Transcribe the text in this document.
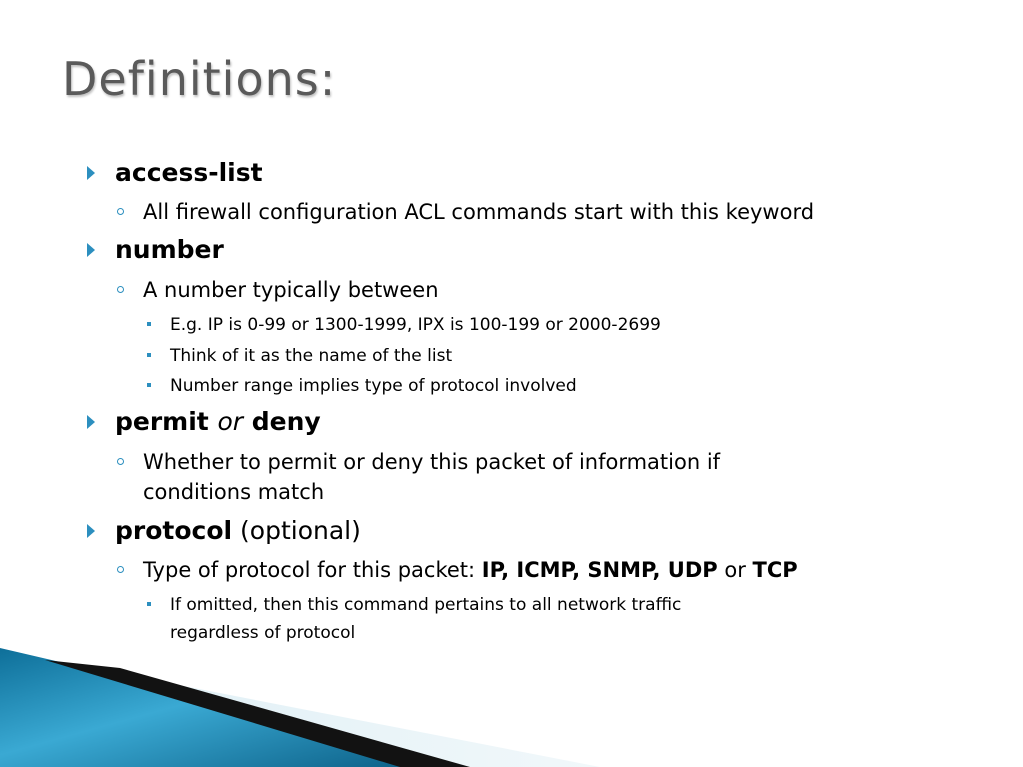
Definitions:
access-list
All firewall configuration ACL commands start with this keyword
number
A number typically between
E.g. IP is 0-99 or 1300-1999, IPX is 100-199 or 2000-2699
Think of it as the name of the list
Number range implies type of protocol involved
permit or deny
Whether to permit or deny this packet of information if
conditions match
protocol (optional)
Type of protocol for this packet: IP, ICMP, SNMP, UDP or TCP
If omitted, then this command pertains to all network traffic
regardless of protocol
